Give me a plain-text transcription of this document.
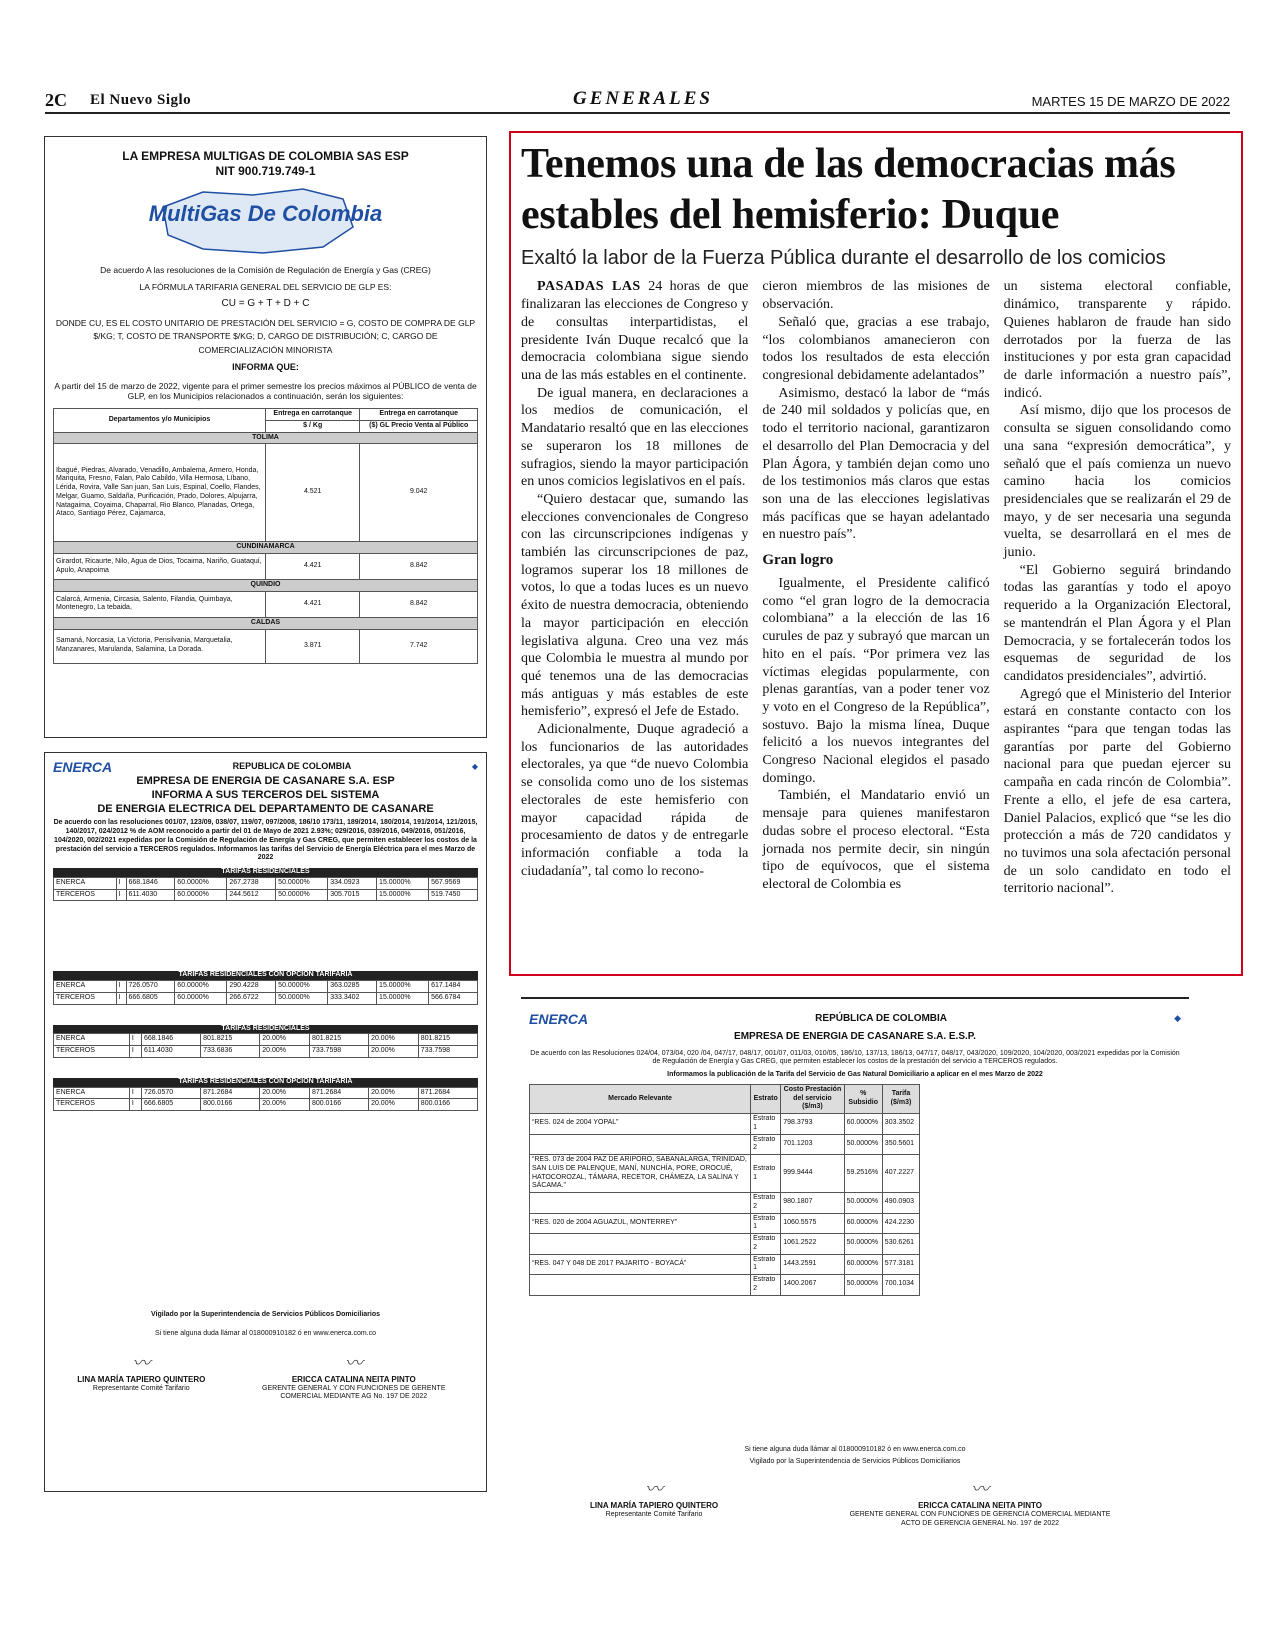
2C El Nuevo Siglo	GENERALES	MARTES 15 DE MARZO DE 2022
LA EMPRESA MULTIGAS DE COLOMBIA SAS ESP
NIT 900.719.749-1
MultiGas De Colombia
De acuerdo A las resoluciones de la Comisión de Regulación de Energía y Gas (CREG)
LA FÓRMULA TARIFARIA GENERAL DEL SERVICIO DE GLP ES:
CU = G + T + D + C
DONDE CU, ES EL COSTO UNITARIO DE PRESTACIÓN DEL SERVICIO = G, COSTO DE COMPRA DE GLP $/KG; T, COSTO DE TRANSPORTE $/KG; D, CARGO DE DISTRIBUCIÓN; C, CARGO DE COMERCIALIZACIÓN MINORISTA
INFORMA QUE:
A partir del 15 de marzo de 2022, vigente para el primer semestre los precios máximos al PÚBLICO de venta de GLP, en los Municipios relacionados a continuación, serán los siguientes:
Departamentos y/o Municipios	Entrega en carrotanque	Entrega en carrotanque
	$ / Kg	($) GL Precio Venta al Público
TOLIMA		
Ibagué, Piedras, Alvarado, Venadillo, Ambalema, Armero, Honda, Mariquita, Fresno, Falan, Palo Cabildo, Villa Hermosa, Líbano, Lérida, Rovira, Valle San juan, San Luis, Espinal, Coello, Flandes, Melgar, Guamo, Saldaña, Purificación, Prado, Dolores, Alpujarra, Natagaima, Coyaima, Chaparral, Rio Blanco, Planadas, Ortega, Ataco, Santiago Pérez, Cajamarca,	4.521	9.042
CUNDINAMARCA		
Girardot, Ricaurte, Nilo, Agua de Dios, Tocaima, Nariño, Guataquí, Apulo, Anapoima	4.421	8.842
QUINDIO		
Calarcá, Armenia, Circasia, Salento, Filandia, Quimbaya, Montenegro, La tebaida,	4.421	8.842
CALDAS		
Samaná, Norcasia, La Victoria, Pensilvania, Marquetalia, Manzanares, Marulanda, Salamina, La Dorada.	3.871	7.742
ENERCA	REPUBLICA DE COLOMBIA	◆
EMPRESA DE ENERGIA DE CASANARE S.A. ESP
INFORMA A SUS TERCEROS DEL SISTEMA
DE ENERGIA ELECTRICA DEL DEPARTAMENTO DE CASANARE
De acuerdo con las resoluciones 001/07, 123/09, 038/07, 119/07, 097/2008, 186/10 173/11, 189/2014, 180/2014, 191/2014, 121/2015, 140/2017, 024/2012 % de AOM reconocido a partir del 01 de Mayo de 2021 2.93%; 029/2016, 039/2016, 049/2016, 051/2016, 104/2020, 002/2021 expedidas por la Comisión de Regulación de Energía y Gas CREG, que permiten establecer los costos de la prestación del servicio a TERCEROS regulados. Informamos las tarifas del Servicio de Energía Eléctrica para el mes Marzo de 2022
TARIFAS RESIDENCIALES
ENERCA	I	668.1846	60.0000%	267.2738	50.0000%	334.0923	15.0000%	567.9569
TERCEROS	I	611.4030	60.0000%	244.5612	50.0000%	305.7015	15.0000%	519.7450
TARIFAS RESIDENCIALES CON OPCION TARIFARIA
ENERCA	I	726.0570	60.0000%	290.4228	50.0000%	363.0285	15.0000%	617.1484
TERCEROS	I	666.6805	60.0000%	266.6722	50.0000%	333.3402	15.0000%	566.6784
TARIFAS RESIDENCIALES
ENERCA	I	668.1846	801.8215	20.00%	801.8215	20.00%	801.8215
TERCEROS	I	611.4030	733.6836	20.00%	733.7598	20.00%	733.7598
TARIFAS RESIDENCIALES CON OPCION TARIFARIA
ENERCA	I	726.0570	871.2684	20.00%	871.2684	20.00%	871.2684
TERCEROS	I	666.6805	800.0166	20.00%	800.0166	20.00%	800.0166
Vigilado por la Superintendencia de Servicios Públicos Domiciliarios
Si tiene alguna duda llámar al 018000910182 ó en www.enerca.com.co
〰︎
LINA MARÍA TAPIERO QUINTERO
Representante Comité Tarifario
〰︎
ERICCA CATALINA NEITA PINTO
GERENTE GENERAL Y CON FUNCIONES DE GERENTE COMERCIAL MEDIANTE AG No. 197 DE 2022
Tenemos una de las democracias más estables del hemisferio: Duque
Exaltó la labor de la Fuerza Pública durante el desarrollo de los comicios

PASADAS LAS 24 horas de que finalizaran las elecciones de Congreso y de consultas interpartidistas, el presidente Iván Duque recalcó que la democracia colombiana sigue siendo una de las más estables en el continente.

De igual manera, en declaraciones a los medios de comunicación, el Mandatario resaltó que en las elecciones se superaron los 18 millones de sufragios, siendo la mayor participación en unos comicios legislativos en el país.

“Quiero destacar que, sumando las elecciones convencionales de Congreso con las circunscripciones indígenas y también las circunscripciones de paz, logramos superar los 18 millones de votos, lo que a todas luces es un nuevo éxito de nuestra democracia, obteniendo la mayor participación en elección legislativa alguna. Creo una vez más que Colombia le muestra al mundo por qué tenemos una de las democracias más antiguas y más estables de este hemisferio”, expresó el Jefe de Estado.

Adicionalmente, Duque agradeció a los funcionarios de las autoridades electorales, ya que “de nuevo Colombia se consolida como uno de los sistemas electorales de este hemisferio con mayor capacidad rápida de procesamiento de datos y de entregarle información confiable a toda la ciudadanía”, tal como lo recono-

cieron miembros de las misiones de observación.

Señaló que, gracias a ese trabajo, “los colombianos amanecieron con todos los resultados de esta elección congresional debidamente adelantados”

Asimismo, destacó la labor de “más de 240 mil soldados y policías que, en todo el territorio nacional, garantizaron el desarrollo del Plan Democracia y del Plan Ágora, y también dejan como uno de los testimonios más claros que estas son una de las elecciones legislativas más pacíficas que se hayan adelantado en nuestro país”.

Gran logro

Igualmente, el Presidente calificó como “el gran logro de la democracia colombiana” a la elección de las 16 curules de paz y subrayó que marcan un hito en el país. “Por primera vez las víctimas elegidas popularmente, con plenas garantías, van a poder tener voz y voto en el Congreso de la República”, sostuvo. Bajo la misma línea, Duque felicitó a los nuevos integrantes del Congreso Nacional elegidos el pasado domingo.

También, el Mandatario envió un mensaje para quienes manifestaron dudas sobre el proceso electoral. “Esta jornada nos permite decir, sin ningún tipo de equívocos, que el sistema electoral de Colombia es

un sistema electoral confiable, dinámico, transparente y rápido. Quienes hablaron de fraude han sido derrotados por la fuerza de las instituciones y por esta gran capacidad de darle información a nuestro país”, indicó.

Así mismo, dijo que los procesos de consulta se siguen consolidando como una sana “expresión democrática”, y señaló que el país comienza un nuevo camino hacia los comicios presidenciales que se realizarán el 29 de mayo, y de ser necesaria una segunda vuelta, se desarrollará en el mes de junio.

“El Gobierno seguirá brindando todas las garantías y todo el apoyo requerido a la Organización Electoral, se mantendrán el Plan Ágora y el Plan Democracia, y se fortalecerán todos los esquemas de seguridad de los candidatos presidenciales”, advirtió.

Agregó que el Ministerio del Interior estará en constante contacto con los aspirantes “para que tengan todas las garantías por parte del Gobierno nacional para que puedan ejercer su campaña en cada rincón de Colombia”. Frente a ello, el jefe de esa cartera, Daniel Palacios, explicó que “se les dio protección a más de 720 candidatos y no tuvimos una sola afectación personal de un solo candidato en todo el territorio nacional”.

ENERCA	REPÚBLICA DE COLOMBIA	◆
EMPRESA DE ENERGIA DE CASANARE S.A. E.S.P.
De acuerdo con las Resoluciones 024/04, 073/04, 020 /04, 047/17, 048/17, 001/07, 011/03, 010/05, 186/10, 137/13, 186/13, 047/17, 048/17, 043/2020, 109/2020, 104/2020, 003/2021 expedidas por la Comisión de Regulación de Energía y Gas CREG, que permiten establecer los costos de la prestación del servicio a TERCEROS regulados.
Informamos la publicación de la Tarifa del Servicio de Gas Natural Domiciliario a aplicar en el mes Marzo de 2022
Mercado Relevante	Estrato	Costo Prestación del servicio ($/m3)	% Subsidio	Tarifa ($/m3)
“RES. 024 de 2004 YOPAL”	Estrato 1	798.3793	60.0000%	303.3502
	Estrato 2	701.1203	50.0000%	350.5601
“RES. 073 de 2004 PAZ DE ARIPORO, SABANALARGA, TRINIDAD, SAN LUIS DE PALENQUE, MANÍ, NUNCHÍA, PORE, OROCUÉ, HATOCOROZAL, TÁMARA, RECETOR, CHÁMEZA, LA SALINA Y SÁCAMA.”	Estrato 1	999.9444	59.2516%	407.2227
	Estrato 2	980.1807	50.0000%	490.0903
“RES. 020 de 2004 AGUAZUL, MONTERREY”	Estrato 1	1060.5575	60.0000%	424.2230
	Estrato 2	1061.2522	50.0000%	530.6261
“RES. 047 Y 048 DE 2017 PAJARITO - BOYACÁ”	Estrato 1	1443.2591	60.0000%	577.3181
	Estrato 2	1400.2067	50.0000%	700.1034
Si tiene alguna duda llámar al 018000910182 ó en www.enerca.com.co
Vigilado por la Superintendencia de Servicios Públicos Domiciliarios
〰︎
LINA MARÍA TAPIERO QUINTERO
Representante Comité Tarifario
〰︎
ERICCA CATALINA NEITA PINTO
GERENTE GENERAL CON FUNCIONES DE GERENCIA COMERCIAL MEDIANTE ACTO DE GERENCIA GENERAL No. 197 de 2022
